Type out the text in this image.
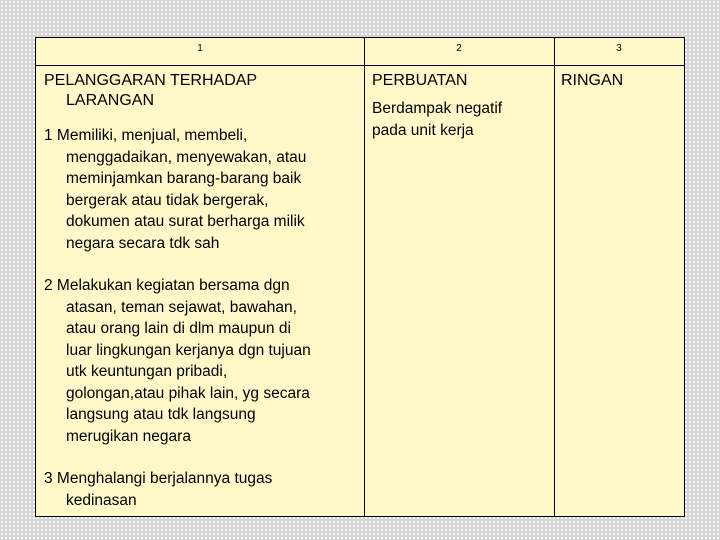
1	2	3
PELANGGARAN TERHADAP
LARANGAN
1 Memiliki, menjual, membeli,
menggadaikan, menyewakan, atau
meminjamkan barang-barang baik
bergerak atau tidak bergerak,
dokumen atau surat berharga milik
negara secara tdk sah
2 Melakukan kegiatan bersama dgn
atasan, teman sejawat, bawahan,
atau orang lain di dlm maupun di
luar lingkungan kerjanya dgn tujuan
utk keuntungan pribadi,
golongan,atau pihak lain, yg secara
langsung atau tdk langsung
merugikan negara
3 Menghalangi berjalannya tugas
kedinasan
PERBUATAN
Berdampak negatif
pada unit kerja
RINGAN
